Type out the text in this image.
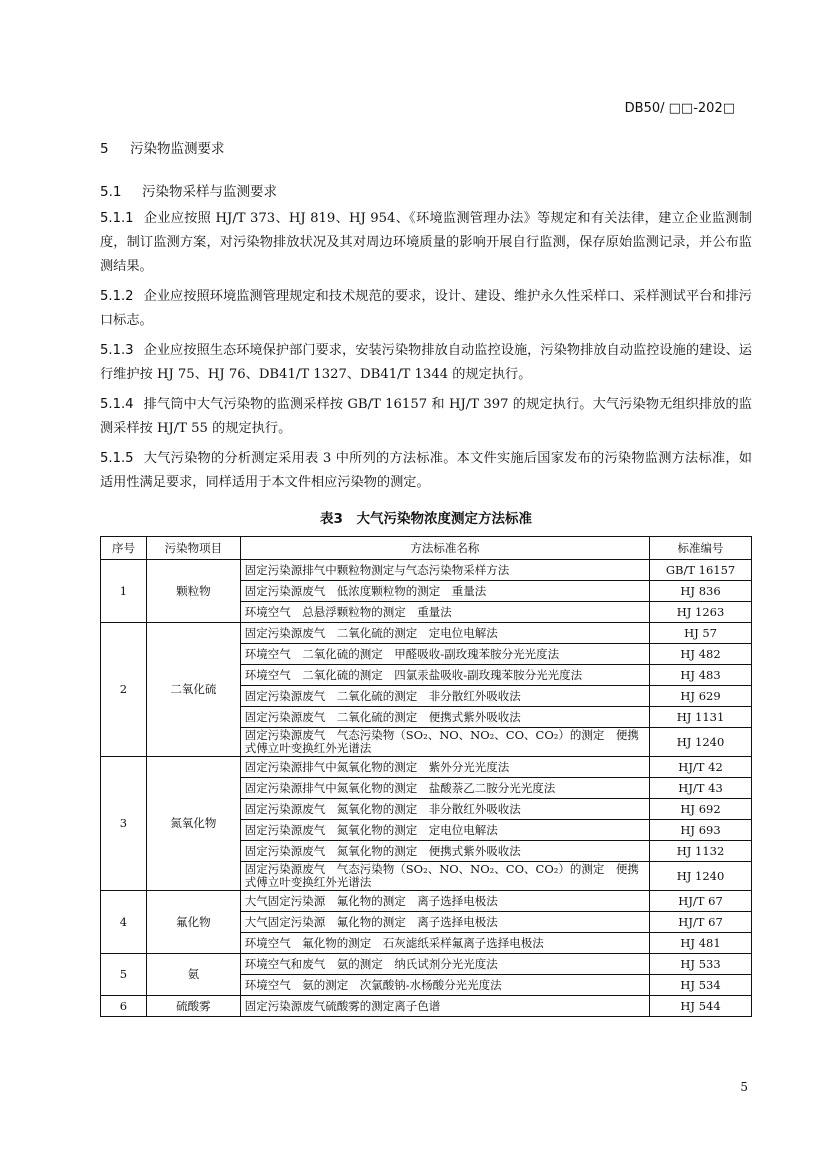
DB50/ □□-202□
5 污染物监测要求
5.1 污染物采样与监测要求
5.1.1 企业应按照 HJ/T 373、HJ 819、HJ 954、《环境监测管理办法》等规定和有关法律，建立企业监测制度，制订监测方案，对污染物排放状况及其对周边环境质量的影响开展自行监测，保存原始监测记录，并公布监测结果。
5.1.2 企业应按照环境监测管理规定和技术规范的要求，设计、建设、维护永久性采样口、采样测试平台和排污口标志。
5.1.3 企业应按照生态环境保护部门要求，安装污染物排放自动监控设施，污染物排放自动监控设施的建设、运行维护按 HJ 75、HJ 76、DB41/T 1327、DB41/T 1344 的规定执行。
5.1.4 排气筒中大气污染物的监测采样按 GB/T 16157 和 HJ/T 397 的规定执行。大气污染物无组织排放的监测采样按 HJ/T 55 的规定执行。
5.1.5 大气污染物的分析测定采用表 3 中所列的方法标准。本文件实施后国家发布的污染物监测方法标准，如适用性满足要求，同样适用于本文件相应污染物的测定。
表3　大气污染物浓度测定方法标准
序号	污染物项目	方法标准名称	标准编号
1	颗粒物	固定污染源排气中颗粒物测定与气态污染物采样方法	GB/T 16157
		固定污染源废气　低浓度颗粒物的测定　重量法	HJ 836
		环境空气　总悬浮颗粒物的测定　重量法	HJ 1263
2	二氧化硫	固定污染源废气　二氧化硫的测定　定电位电解法	HJ 57
		环境空气　二氧化硫的测定　甲醛吸收-副玫瑰苯胺分光光度法	HJ 482
		环境空气　二氧化硫的测定　四氯汞盐吸收-副玫瑰苯胺分光光度法	HJ 483
		固定污染源废气　二氧化硫的测定　非分散红外吸收法	HJ 629
		固定污染源废气　二氧化硫的测定　便携式紫外吸收法	HJ 1131
		固定污染源废气　气态污染物（SO₂、NO、NO₂、CO、CO₂）的测定　便携式傅立叶变换红外光谱法	HJ 1240
3	氮氧化物	固定污染源排气中氮氧化物的测定　紫外分光光度法	HJ/T 42
		固定污染源排气中氮氧化物的测定　盐酸萘乙二胺分光光度法	HJ/T 43
		固定污染源废气　氮氧化物的测定　非分散红外吸收法	HJ 692
		固定污染源废气　氮氧化物的测定　定电位电解法	HJ 693
		固定污染源废气　氮氧化物的测定　便携式紫外吸收法	HJ 1132
		固定污染源废气　气态污染物（SO₂、NO、NO₂、CO、CO₂）的测定　便携式傅立叶变换红外光谱法	HJ 1240
4	氟化物	大气固定污染源　氟化物的测定　离子选择电极法	HJ/T 67
		大气固定污染源　氟化物的测定　离子选择电极法	HJ/T 67
		环境空气　氟化物的测定　石灰滤纸采样氟离子选择电极法	HJ 481
5	氨	环境空气和废气　氨的测定　纳氏试剂分光光度法	HJ 533
		环境空气　氨的测定　次氯酸钠-水杨酸分光光度法	HJ 534
6	硫酸雾	固定污染源废气硫酸雾的测定离子色谱	HJ 544
5
